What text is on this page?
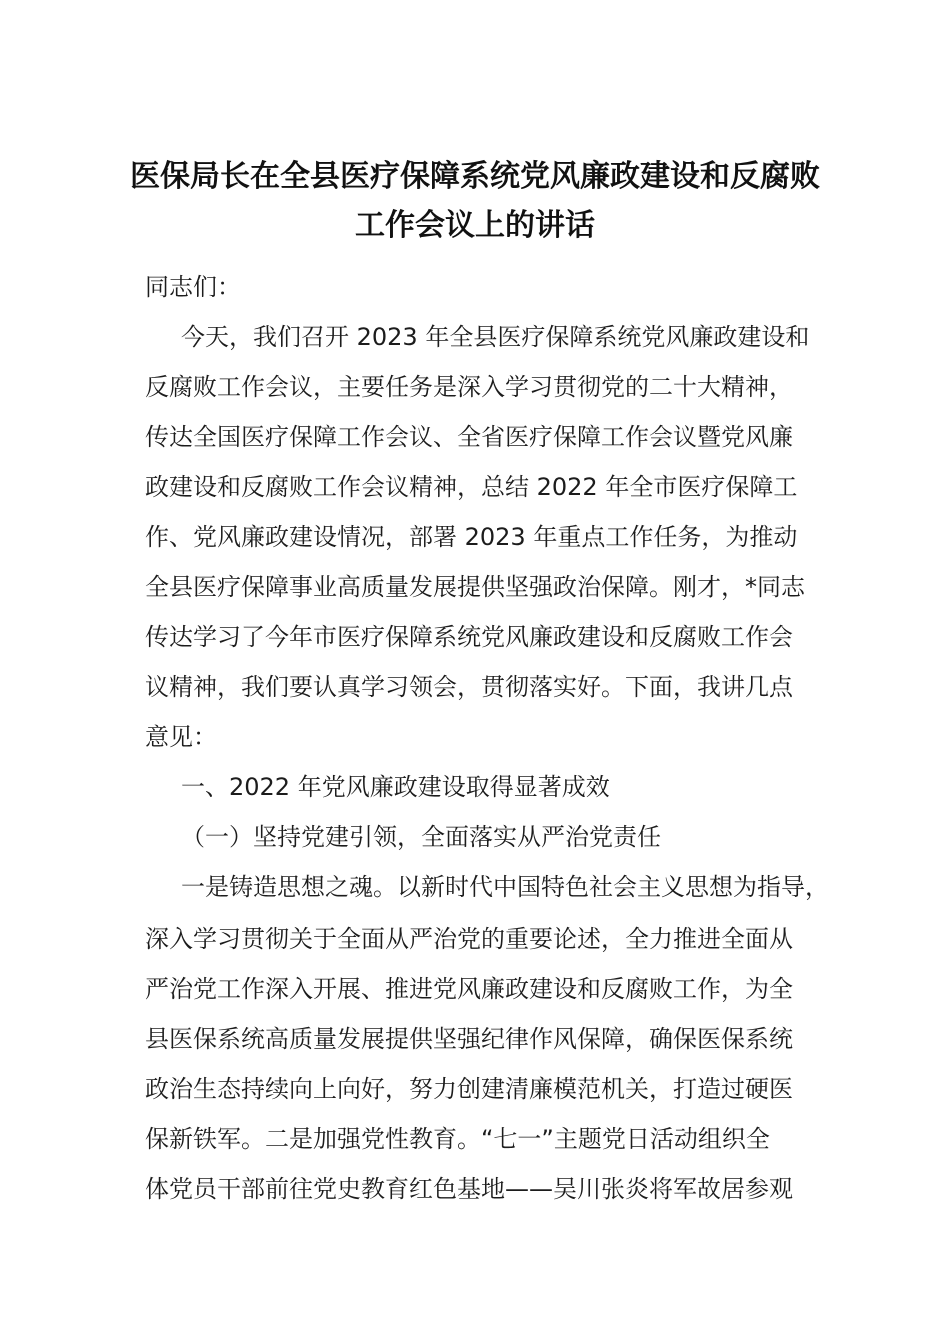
医保局长在全县医疗保障系统党风廉政建设和反腐败
工作会议上的讲话
同志们：
今天，我们召开 2023 年全县医疗保障系统党风廉政建设和
反腐败工作会议，主要任务是深入学习贯彻党的二十大精神，
传达全国医疗保障工作会议、全省医疗保障工作会议暨党风廉
政建设和反腐败工作会议精神，总结 2022 年全市医疗保障工
作、党风廉政建设情况，部署 2023 年重点工作任务，为推动
全县医疗保障事业高质量发展提供坚强政治保障。刚才，*同志
传达学习了今年市医疗保障系统党风廉政建设和反腐败工作会
议精神，我们要认真学习领会，贯彻落实好。下面，我讲几点
意见：
一、2022 年党风廉政建设取得显著成效
（一）坚持党建引领，全面落实从严治党责任
一是铸造思想之魂。以新时代中国特色社会主义思想为指导，
深入学习贯彻关于全面从严治党的重要论述，全力推进全面从
严治党工作深入开展、推进党风廉政建设和反腐败工作，为全
县医保系统高质量发展提供坚强纪律作风保障，确保医保系统
政治生态持续向上向好，努力创建清廉模范机关，打造过硬医
保新铁军。二是加强党性教育。“七一”主题党日活动组织全
体党员干部前往党史教育红色基地——吴川张炎将军故居参观
